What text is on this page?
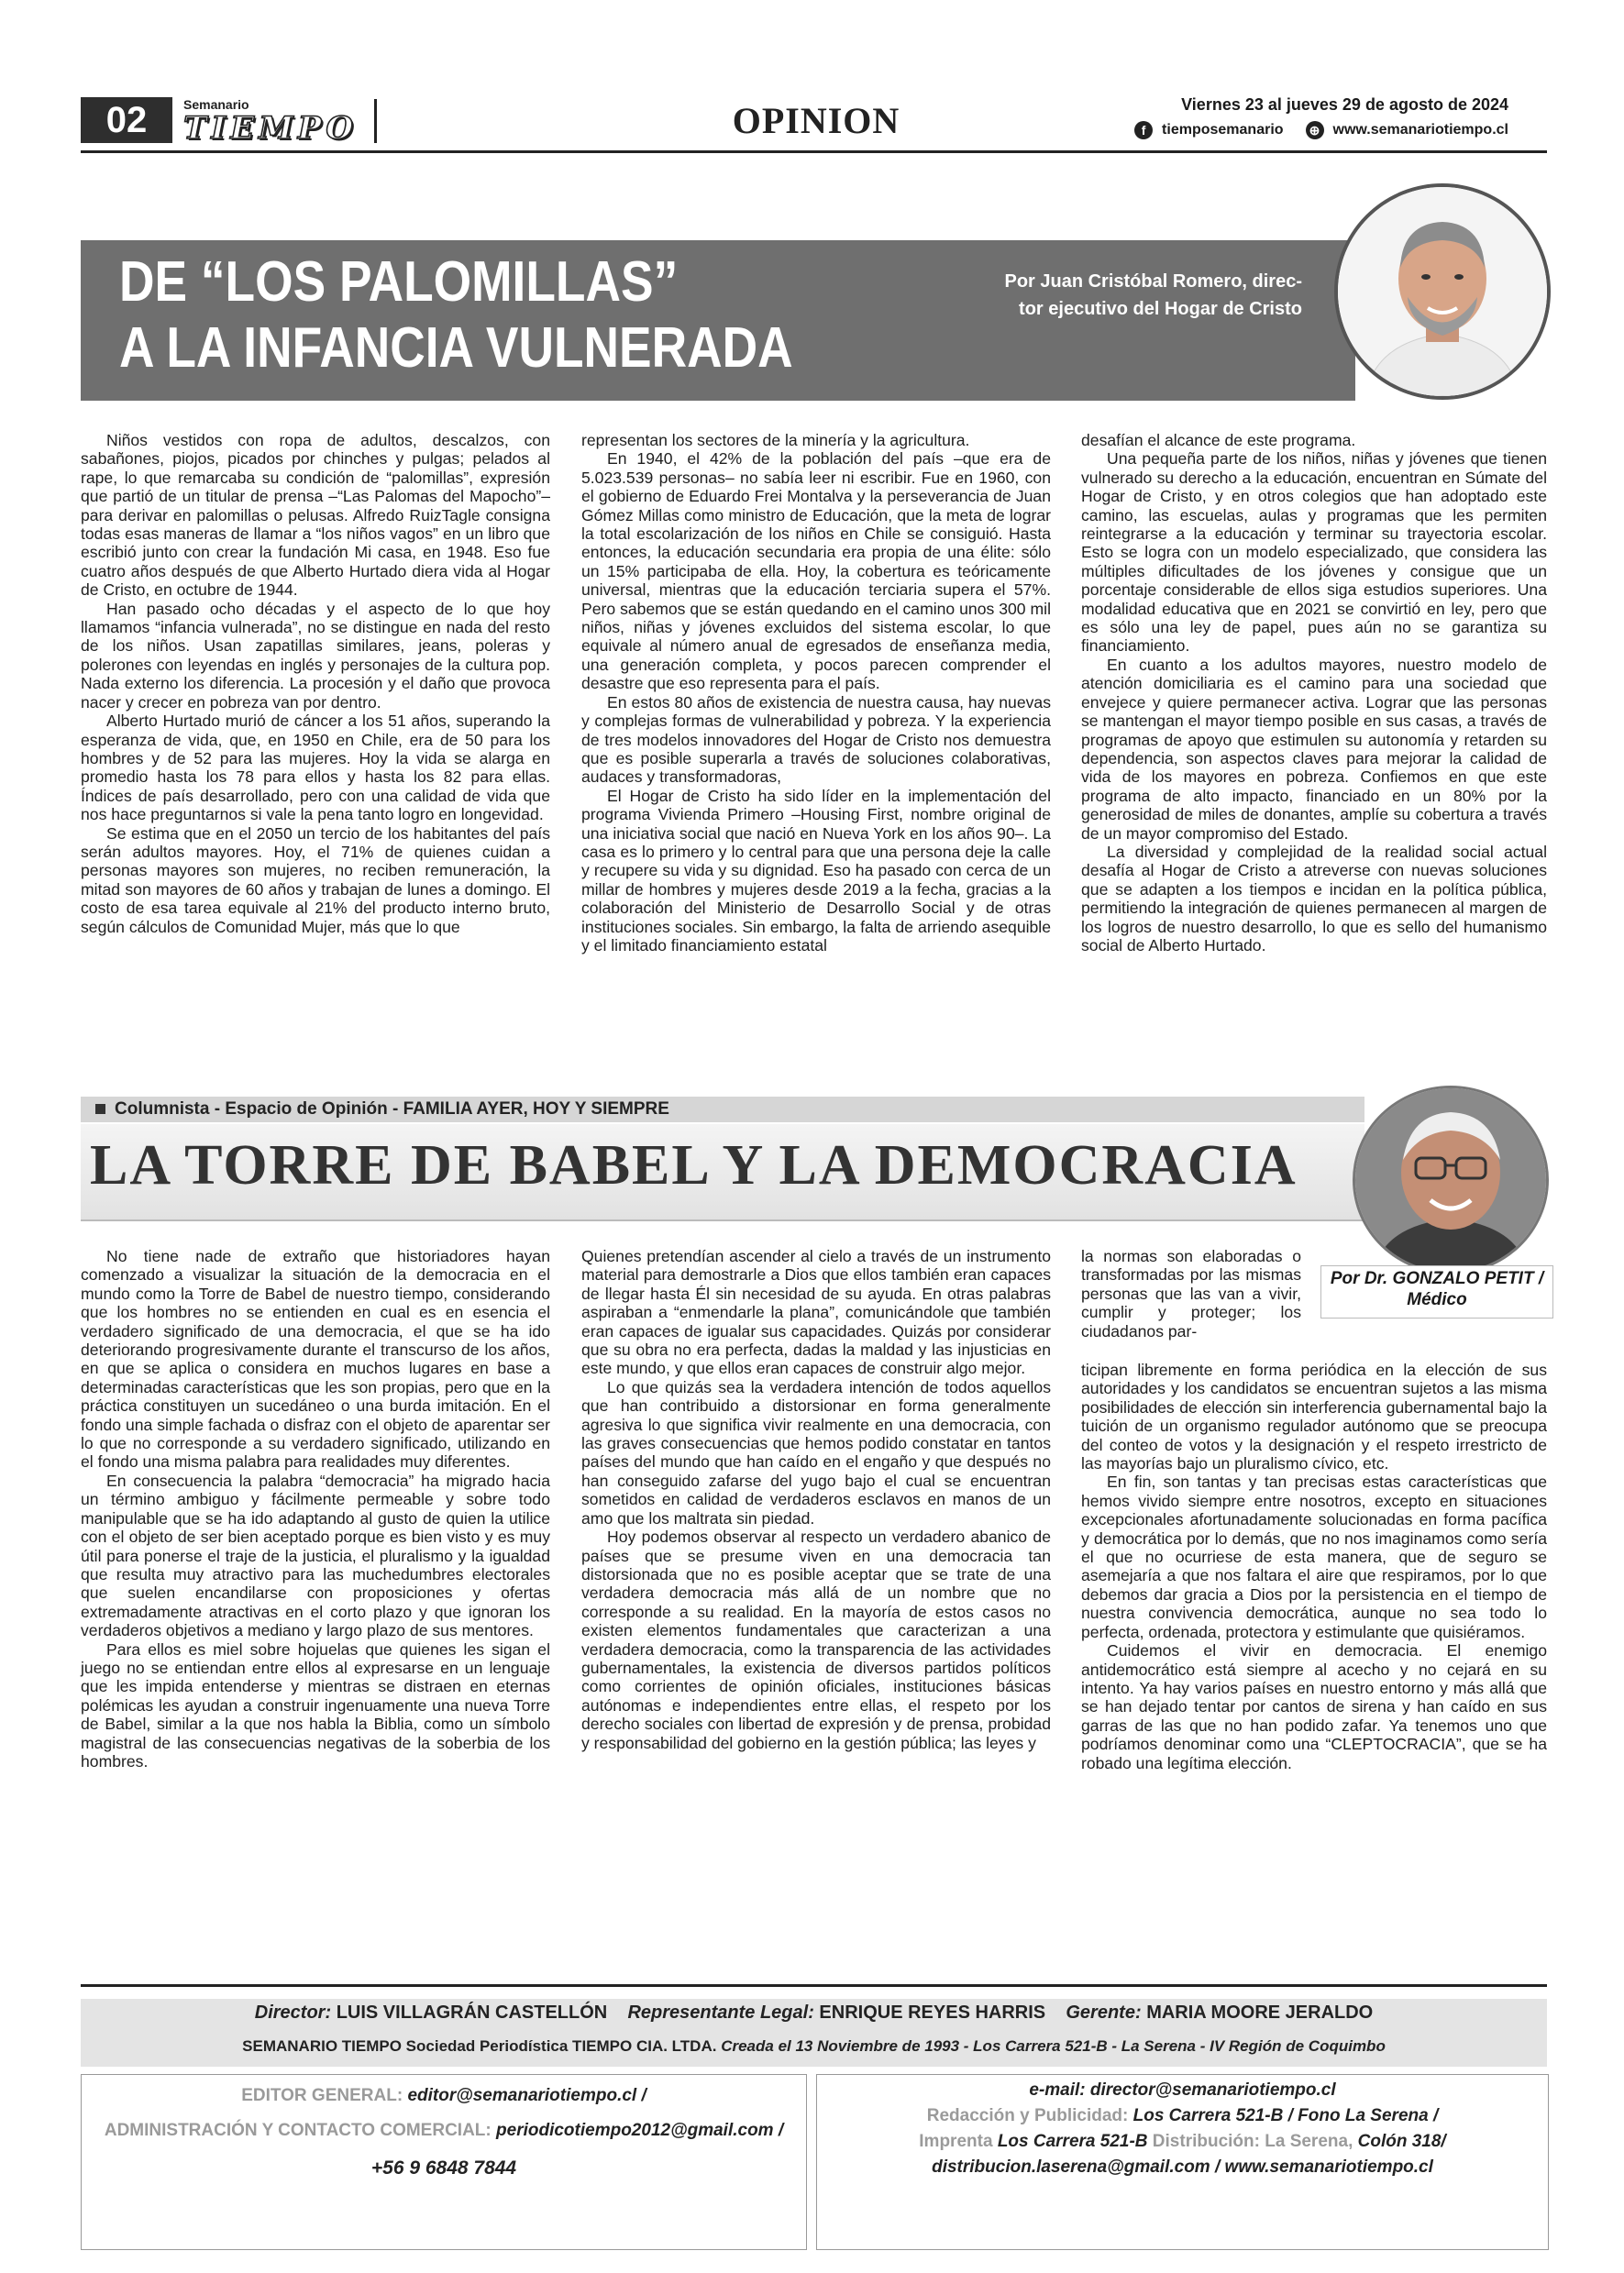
02	Semanario
TIEMPO	OPINION	Viernes 23 al jueves 29 de agosto de 2024
f	tiemposemanario ⊕ www.semanariotiempo.cl
DE “LOS PALOMILLAS”
A LA INFANCIA VULNERADA
Por Juan Cristóbal Romero, direc-
tor ejecutivo del Hogar de Cristo

Niños vestidos con ropa de adultos, descalzos, con sabañones, piojos, picados por chinches y pulgas; pelados al rape, lo que remarcaba su condición de “palomillas”, expresión que partió de un titular de prensa –“Las Palomas del Mapocho”– para derivar en palomillas o pelusas. Alfredo RuizTagle consigna todas esas maneras de llamar a “los niños vagos” en un libro que escribió junto con crear la fundación Mi casa, en 1948. Eso fue cuatro años después de que Alberto Hurtado diera vida al Hogar de Cristo, en octubre de 1944.

Han pasado ocho décadas y el aspecto de lo que hoy llamamos “infancia vulnerada”, no se distingue en nada del resto de los niños. Usan zapatillas similares, jeans, poleras y polerones con leyendas en inglés y personajes de la cultura pop. Nada externo los diferencia. La procesión y el daño que provoca nacer y crecer en pobreza van por dentro.

Alberto Hurtado murió de cáncer a los 51 años, superando la esperanza de vida, que, en 1950 en Chile, era de 50 para los hombres y de 52 para las mujeres. Hoy la vida se alarga en promedio hasta los 78 para ellos y hasta los 82 para ellas. Índices de país desarrollado, pero con una calidad de vida que nos hace preguntarnos si vale la pena tanto logro en longevidad.

Se estima que en el 2050 un tercio de los habitantes del país serán adultos mayores. Hoy, el 71% de quienes cuidan a personas mayores son mujeres, no reciben remuneración, la mitad son mayores de 60 años y trabajan de lunes a domingo. El costo de esa tarea equivale al 21% del producto interno bruto, según cálculos de Comunidad Mujer, más que lo que

representan los sectores de la minería y la agricultura.

En 1940, el 42% de la población del país –que era de 5.023.539 personas– no sabía leer ni escribir. Fue en 1960, con el gobierno de Eduardo Frei Montalva y la perseverancia de Juan Gómez Millas como ministro de Educación, que la meta de lograr la total escolarización de los niños en Chile se consiguió. Hasta entonces, la educación secundaria era propia de una élite: sólo un 15% participaba de ella. Hoy, la cobertura es teóricamente universal, mientras que la educación terciaria supera el 57%. Pero sabemos que se están quedando en el camino unos 300 mil niños, niñas y jóvenes excluidos del sistema escolar, lo que equivale al número anual de egresados de enseñanza media, una generación completa, y pocos parecen comprender el desastre que eso representa para el país.

En estos 80 años de existencia de nuestra causa, hay nuevas y complejas formas de vulnerabilidad y pobreza. Y la experiencia de tres modelos innovadores del Hogar de Cristo nos demuestra que es posible superarla a través de soluciones colaborativas, audaces y transformadoras,

El Hogar de Cristo ha sido líder en la implementación del programa Vivienda Primero –Housing First, nombre original de una iniciativa social que nació en Nueva York en los años 90–. La casa es lo primero y lo central para que una persona deje la calle y recupere su vida y su dignidad. Eso ha pasado con cerca de un millar de hombres y mujeres desde 2019 a la fecha, gracias a la colaboración del Ministerio de Desarrollo Social y de otras instituciones sociales. Sin embargo, la falta de arriendo asequible y el limitado financiamiento estatal

desafían el alcance de este programa.

Una pequeña parte de los niños, niñas y jóvenes que tienen vulnerado su derecho a la educación, encuentran en Súmate del Hogar de Cristo, y en otros colegios que han adoptado este camino, las escuelas, aulas y programas que les permiten reintegrarse a la educación y terminar su trayectoria escolar. Esto se logra con un modelo especializado, que considera las múltiples dificultades de los jóvenes y consigue que un porcentaje considerable de ellos siga estudios superiores. Una modalidad educativa que en 2021 se convirtió en ley, pero que es sólo una ley de papel, pues aún no se garantiza su financiamiento.

En cuanto a los adultos mayores, nuestro modelo de atención domiciliaria es el camino para una sociedad que envejece y quiere permanecer activa. Lograr que las personas se mantengan el mayor tiempo posible en sus casas, a través de programas de apoyo que estimulen su autonomía y retarden su dependencia, son aspectos claves para mejorar la calidad de vida de los mayores en pobreza. Confiemos en que este programa de alto impacto, financiado en un 80% por la generosidad de miles de donantes, amplíe su cobertura a través de un mayor compromiso del Estado.

La diversidad y complejidad de la realidad social actual desafía al Hogar de Cristo a atreverse con nuevas soluciones que se adapten a los tiempos e incidan en la política pública, permitiendo la integración de quienes permanecen al margen de los logros de nuestro desarrollo, lo que es sello del humanismo social de Alberto Hurtado.

Columnista - Espacio de Opinión - FAMILIA AYER, HOY Y SIEMPRE
LA TORRE DE BABEL Y LA DEMOCRACIA
Por Dr. GONZALO PETIT /
Médico

No tiene nade de extraño que historiadores hayan comenzado a visualizar la situación de la democracia en el mundo como la Torre de Babel de nuestro tiempo, considerando que los hombres no se entienden en cual es en esencia el verdadero significado de una democracia, el que se ha ido deteriorando progresivamente durante el transcurso de los años, en que se aplica o considera en muchos lugares en base a determinadas características que les son propias, pero que en la práctica constituyen un sucedáneo o una burda imitación. En el fondo una simple fachada o disfraz con el objeto de aparentar ser lo que no corresponde a su verdadero significado, utilizando en el fondo una misma palabra para realidades muy diferentes.

En consecuencia la palabra “democracia” ha migrado hacia un término ambiguo y fácilmente permeable y sobre todo manipulable que se ha ido adaptando al gusto de quien la utilice con el objeto de ser bien aceptado porque es bien visto y es muy útil para ponerse el traje de la justicia, el pluralismo y la igualdad que resulta muy atractivo para las muchedumbres electorales que suelen encandilarse con proposiciones y ofertas extremadamente atractivas en el corto plazo y que ignoran los verdaderos objetivos a mediano y largo plazo de sus mentores.

Para ellos es miel sobre hojuelas que quienes les sigan el juego no se entiendan entre ellos al expresarse en un lenguaje que les impida entenderse y mientras se distraen en eternas polémicas les ayudan a construir ingenuamente una nueva Torre de Babel, similar a la que nos habla la Biblia, como un símbolo magistral de las consecuencias negativas de la soberbia de los hombres.

Quienes pretendían ascender al cielo a través de un instrumento material para demostrarle a Dios que ellos también eran capaces de llegar hasta Él sin necesidad de su ayuda. En otras palabras aspiraban a “enmendarle la plana”, comunicándole que también eran capaces de igualar sus capacidades. Quizás por considerar que su obra no era perfecta, dadas la maldad y las injusticias en este mundo, y que ellos eran capaces de construir algo mejor.

Lo que quizás sea la verdadera intención de todos aquellos que han contribuido a distorsionar en forma generalmente agresiva lo que significa vivir realmente en una democracia, con las graves consecuencias que hemos podido constatar en tantos países del mundo que han caído en el engaño y que después no han conseguido zafarse del yugo bajo el cual se encuentran sometidos en calidad de verdaderos esclavos en manos de un amo que los maltrata sin piedad.

Hoy podemos observar al respecto un verdadero abanico de países que se presume viven en una democracia tan distorsionada que no es posible aceptar que se trate de una verdadera democracia más allá de un nombre que no corresponde a su realidad. En la mayoría de estos casos no existen elementos fundamentales que caracterizan a una verdadera democracia, como la transparencia de las actividades gubernamentales, la existencia de diversos partidos políticos como corrientes de opinión oficiales, instituciones básicas autónomas e independientes entre ellas, el respeto por los derecho sociales con libertad de expresión y de prensa, probidad y responsabilidad del gobierno en la gestión pública; las leyes y

la normas son elaboradas o transformadas por las mismas personas que las van a vivir, cumplir y proteger; los ciudadanos par-

ticipan libremente en forma periódica en la elección de sus autoridades y los candidatos se encuentran sujetos a las misma posibilidades de elección sin interferencia gubernamental bajo la tuición de un organismo regulador autónomo que se preocupa del conteo de votos y la designación y el respeto irrestricto de las mayorías bajo un pluralismo cívico, etc.

En fin, son tantas y tan precisas estas características que hemos vivido siempre entre nosotros, excepto en situaciones excepcionales afortunadamente solucionadas en forma pacífica y democrática por lo demás, que no nos imaginamos como sería el que no ocurriese de esta manera, que de seguro se asemejaría a que nos faltara el aire que respiramos, por lo que debemos dar gracia a Dios por la persistencia en el tiempo de nuestra convivencia democrática, aunque no sea todo lo perfecta, ordenada, protectora y estimulante que quisiéramos.

Cuidemos el vivir en democracia. El enemigo antidemocrático está siempre al acecho y no cejará en su intento. Ya hay varios países en nuestro entorno y más allá que se han dejado tentar por cantos de sirena y han caído en sus garras de las que no han podido zafar. Ya tenemos uno que podríamos denominar como una “CLEPTOCRACIA”, que se ha robado una legítima elección.

Director: LUIS VILLAGRÁN CASTELLÓN Representante Legal: ENRIQUE REYES HARRIS Gerente: MARIA MOORE JERALDO
SEMANARIO TIEMPO Sociedad Periodística TIEMPO CIA. LTDA. Creada el 13 Noviembre de 1993 - Los Carrera 521-B - La Serena - IV Región de Coquimbo
EDITOR GENERAL: editor@semanariotiempo.cl /
ADMINISTRACIÓN Y CONTACTO COMERCIAL: periodicotiempo2012@gmail.com /
+56 9 6848 7844
e-mail: director@semanariotiempo.cl
Redacción y Publicidad: Los Carrera 521-B / Fono La Serena /
Imprenta Los Carrera 521-B Distribución: La Serena, Colón 318/
distribucion.laserena@gmail.com / www.semanariotiempo.cl
